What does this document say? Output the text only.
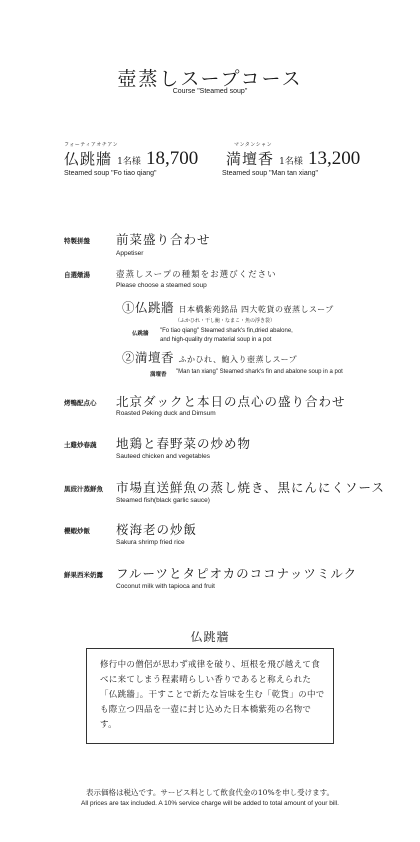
壺蒸しスープコース
Course "Steamed soup"
フォーティアオチアン
仏跳牆 1名様 18,700
Steamed soup "Fo tiao qiang"
マンタンシャン
満壇香 1名様 13,200
Steamed soup "Man tan xiang"
特製拼盤 前菜盛り合わせ
Appetiser
自選燉湯	壺蒸しスープの種類をお選びください
Please choose a steamed soup
①仏跳牆 日本橋紫苑銘品 四大乾貨の壺蒸しスープ
（ふかひれ・干し鮑・なまこ・魚の浮き袋）
仏跳牆 "Fo tiao qiang" Steamed shark's fin,dried abalone,
and high-quality dry material soup in a pot
②満壇香 ふかひれ、鮑入り壺蒸しスープ
満壇香 "Man tan xiang" Steamed shark's fin and abalone soup in a pot
烤鴨配点心 北京ダックと本日の点心の盛り合わせ
Roasted Peking duck and Dimsum
土雞炒春蔬 地鶏と春野菜の炒め物
Sauteed chicken and vegetables
黒豉汁蒸鮮魚 市場直送鮮魚の蒸し焼き、黒にんにくソース
Steamed fish(black garlic sauce)
櫻蝦炒飯 桜海老の炒飯
Sakura shrimp fried rice
鮮果西米奶露 フルーツとタピオカのココナッツミルク
Coconut milk with tapioca and fruit
仏跳牆
修行中の僧侶が思わず戒律を破り、垣根を飛び越えて食べに来てしまう程素晴らしい香りであると称えられた「仏跳牆」。干すことで新たな旨味を生む「乾貨」の中でも際立つ四品を一壺に封じ込めた日本橋紫苑の名物です。
表示価格は税込です。サービス料として飲食代金の10%を申し受けます。
All prices are tax included. A 10% service charge will be added to total amount of your bill.
